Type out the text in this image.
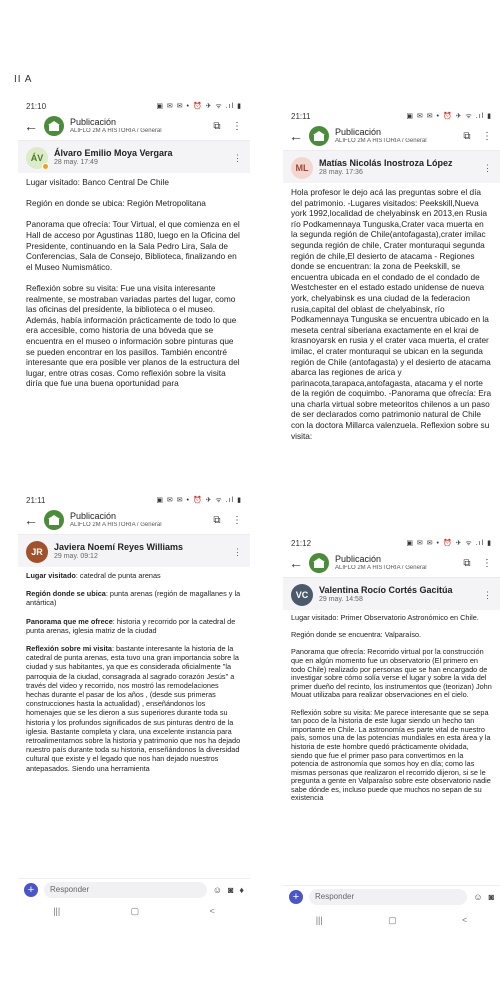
II A
21:10	▣ ✉ ✉ • ⏰ ✈ ᯤ .ıl ▮
←	Publicación
ALIFLO 2M A HISTORIA / General	⧉	⋮
ÁV Álvaro Emilio Moya Vergara
28 may. 17:49
⋮
Lugar visitado: Banco Central De Chile

Región en donde se ubica: Región Metropolitana

Panorama que ofrecía: Tour Virtual, el que comienza en el Hall de acceso por Agustinas 1180, luego en la Oficina del Presidente, continuando en la Sala Pedro Lira, Sala de Conferencias, Sala de Consejo, Biblioteca, finalizando en el Museo Numismático.

Reflexión sobre su visita: Fue una visita interesante realmente, se mostraban variadas partes del lugar, como las oficinas del presidente, la biblioteca o el museo. Además, había información prácticamente de todo lo que era accesible, como historia de una bóveda que se encuentra en el museo o información sobre pinturas que se pueden encontrar en los pasillos. También encontré interesante que era posible ver planos de la estructura del lugar, entre otras cosas. Como reflexión sobre la visita diría que fue una buena oportunidad para
21:11	▣ ✉ ✉ • ⏰ ✈ ᯤ .ıl ▮
←	Publicación
ALIFLO 2M A HISTORIA / General	⧉	⋮
ML Matías Nicolás Inostroza López
28 may. 17:36
⋮
Hola profesor le dejo acá las preguntas sobre el día del patrimonio. -Lugares visitados: Peekskill,Nueva york 1992,localidad de chelyabinsk en 2013,en Rusia río Podkamennaya Tunguska,Crater vaca muerta en la segunda región de Chile(antofagasta),crater imilac segunda región de chile, Crater monturaqui segunda región de chile,El desierto de atacama - Regiones donde se encuentran: la zona de Peekskill, se encuentra ubicada en el condado de el condado de Westchester en el estado estado unidense de nueva york, chelyabinsk es una ciudad de la federacion rusia,capital del oblast de chelyabinsk, río Podkamennaya Tunguska se encuentra ubicado en la meseta central siberiana exactamente en el krai de krasnoyarsk en rusia y el crater vaca muerta, el crater imilac, el crater monturaqui se ubican en la segunda región de Chile (antofagasta) y el desierto de atacama abarca las regiones de arica y parinacota,tarapaca,antofagasta, atacama y el norte de la región de coquimbo. -Panorama que ofrecía: Era una charla virtual sobre meteoritos chilenos a un paso de ser declarados como patrimonio natural de Chile con la doctora Millarca valenzuela. Reflexion sobre su visita:
21:11	▣ ✉ ✉ • ⏰ ✈ ᯤ .ıl ▮
←	Publicación
ALIFLO 2M A HISTORIA / General	⧉	⋮
JR Javiera Noemí Reyes Williams
29 may. 09:12
⋮

Lugar visitado: catedral de punta arenas

Región donde se ubica: punta arenas (región de magallanes y la antártica)

Panorama que me ofrece: historia y recorrido por la catedral de punta arenas, iglesia matriz de la ciudad

Reflexión sobre mi visita: bastante interesante la historia de la catedral de punta arenas, esta tuvo una gran importancia sobre la ciudad y sus habitantes, ya que es considerada oficialmente "la parroquia de la ciudad, consagrada al sagrado corazón Jesús" a través del video y recorrido, nos mostró las remodelaciones hechas durante el pasar de los años , (desde sus primeras construcciones hasta la actualidad) , enseñándonos los homenajes que se les dieron a sus superiores durante toda su historia y los profundos significados de sus pinturas dentro de la iglesia. Bastante completa y clara, una excelente instancia para retroalimentarnos sobre la historia y patrimonio que nos ha dejado nuestro país durante toda su historia, enseñándonos la diversidad cultural que existe y el legado que nos han dejado nuestros antepasados. Siendo una herramienta

+	Responder	☺ ◙ ♦
|||	▢	<
21:12	▣ ✉ ✉ • ⏰ ✈ ᯤ .ıl ▮
←	Publicación
ALIFLO 2M A HISTORIA / General	⧉	⋮
VC Valentina Rocío Cortés Gacitúa
29 may. 14:58
⋮
Lugar visitado: Primer Observatorio Astronómico en Chile.

Región donde se encuentra: Valparaíso.

Panorama que ofrecía: Recorrido virtual por la construcción que en algún momento fue un observatorio (El primero en todo Chile) realizado por personas que se han encargado de investigar sobre cómo solía verse el lugar y sobre la vida del primer dueño del recinto, los instrumentos que (teorizan) John Mouat utilizaba para realizar observaciones en el cielo.

Reflexión sobre su visita: Me parece interesante que se sepa tan poco de la historia de este lugar siendo un hecho tan importante en Chile. La astronomía es parte vital de nuestro país, somos una de las potencias mundiales en esta área y la historia de este hombre quedó prácticamente olvidada, siendo que fue el primer paso para convertirnos en la potencia de astronomía que somos hoy en día; como las mismas personas que realizaron el recorrido dijeron, si se le pregunta a gente en Valparaíso sobre este observatorio nadie sabe dónde es, incluso puede que muchos no sepan de su existencia
+	Responder	☺ ◙
|||	▢	<
